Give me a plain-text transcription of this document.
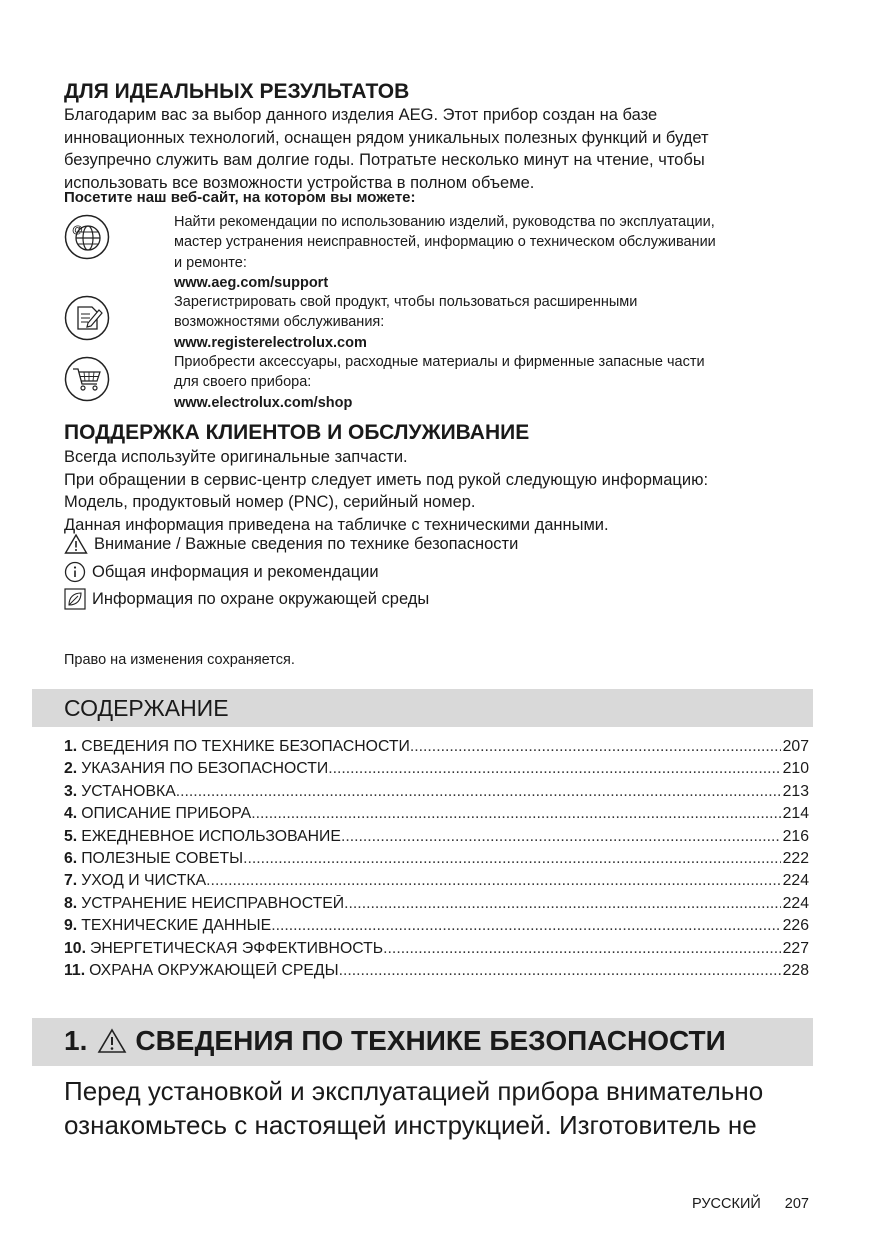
ДЛЯ ИДЕАЛЬНЫХ РЕЗУЛЬТАТОВ
Благодарим вас за выбор данного изделия AEG. Этот прибор создан на базе
инновационных технологий, оснащен рядом уникальных полезных функций и будет
безупречно служить вам долгие годы. Потратьте несколько минут на чтение, чтобы
использовать все возможности устройства в полном объеме.
Посетите наш веб-сайт, на котором вы можете:
@	Найти рекомендации по использованию изделий, руководства по эксплуатации,
мастер устранения неисправностей, информацию о техническом обслуживании
и ремонте:
www.aeg.com/support
Зарегистрировать свой продукт, чтобы пользоваться расширенными
возможностями обслуживания:
www.registerelectrolux.com
Приобрести аксессуары, расходные материалы и фирменные запасные части
для своего прибора:
www.electrolux.com/shop
ПОДДЕРЖКА КЛИЕНТОВ И ОБСЛУЖИВАНИЕ
Всегда используйте оригинальные запчасти.
При обращении в сервис-центр следует иметь под рукой следующую информацию:
Модель, продуктовый номер (PNC), серийный номер.
Данная информация приведена на табличке с техническими данными.
Внимание / Важные сведения по технике безопасности
Общая информация и рекомендации
Информация по охране окружающей среды
Право на изменения сохраняется.
СОДЕРЖАНИЕ
1. СВЕДЕНИЯ ПО ТЕХНИКЕ БЕЗОПАСНОСТИ .....	207
2. УКАЗАНИЯ ПО БЕЗОПАСНОСТИ .....	210
3. УСТАНОВКА .....	213
4. ОПИСАНИЕ ПРИБОРА .....	214
5. ЕЖЕДНЕВНОЕ ИСПОЛЬЗОВАНИЕ .....	216
6. ПОЛЕЗНЫЕ СОВЕТЫ .....	222
7. УХОД И ЧИСТКА .....	224
8. УСТРАНЕНИЕ НЕИСПРАВНОСТЕЙ .....	224
9. ТЕХНИЧЕСКИЕ ДАННЫЕ .....	226
10. ЭНЕРГЕТИЧЕСКАЯ ЭФФЕКТИВНОСТЬ .....	227
11. ОХРАНА ОКРУЖАЮЩЕЙ СРЕДЫ .....	228
1. СВЕДЕНИЯ ПО ТЕХНИКЕ БЕЗОПАСНОСТИ
Перед установкой и эксплуатацией прибора внимательно
ознакомьтесь с настоящей инструкцией. Изготовитель не
РУССКИЙ 207
